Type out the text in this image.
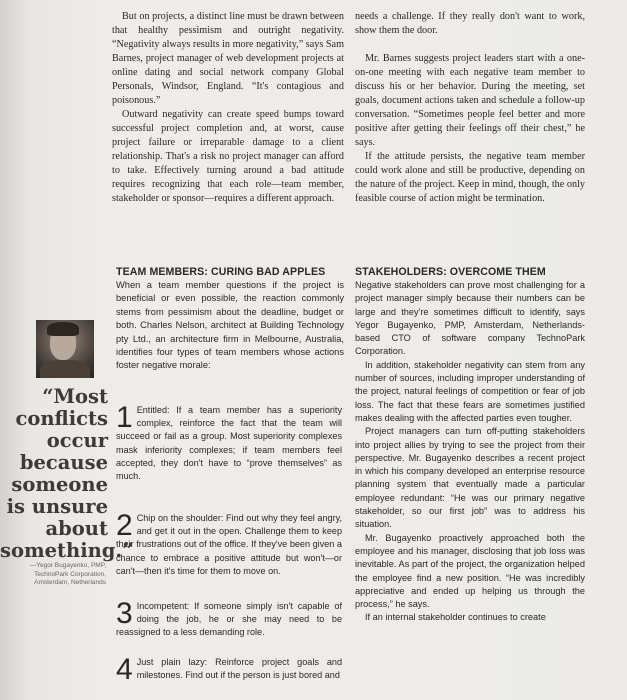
But on projects, a distinct line must be drawn between that healthy pessimism and outright negativity. “Negativity always results in more negativity,” says Sam Barnes, project manager of web development projects at online dating and social network company Global Personals, Windsor, England. “It's contagious and poisonous.”

Outward negativity can create speed bumps toward successful project completion and, at worst, cause project failure or irreparable damage to a client relationship. That's a risk no project manager can afford to take. Effectively turning around a bad attitude requires recognizing that each role—team member, stakeholder or sponsor—requires a different approach.

needs a challenge. If they really don't want to work, show them the door.

Mr. Barnes suggests project leaders start with a one-on-one meeting with each negative team member to discuss his or her behavior. During the meeting, set goals, document actions taken and schedule a follow-up conversation. “Sometimes people feel better and more positive after getting their feelings off their chest,” he says.

If the attitude persists, the negative team member could work alone and still be productive, depending on the nature of the project. Keep in mind, though, the only feasible course of action might be termination.

TEAM MEMBERS: CURING BAD APPLES
When a team member questions if the project is beneficial or even possible, the reaction commonly stems from pessimism about the deadline, budget or both. Charles Nelson, architect at Building Technology pty Ltd., an architecture firm in Melbourne, Australia, identifies four types of team members whose actions foster negative morale:
1 Entitled: If a team member has a superiority complex, reinforce the fact that the team will succeed or fail as a group. Most superiority complexes mask inferiority complexes; if team members feel accepted, they don't have to “prove themselves” as much.
2 Chip on the shoulder: Find out why they feel angry, and get it out in the open. Challenge them to keep their frustrations out of the office. If they've been given a chance to embrace a positive attitude but won't—or can't—then it's time for them to move on.
3 Incompetent: If someone simply isn't capable of doing the job, he or she may need to be reassigned to a less demanding role.
4 Just plain lazy: Reinforce project goals and milestones. Find out if the person is just bored and
STAKEHOLDERS: OVERCOME THEM

Negative stakeholders can prove most challenging for a project manager simply because their numbers can be large and they're sometimes difficult to identify, says Yegor Bugayenko, PMP, Amsterdam, Netherlands-based CTO of software company TechnoPark Corporation.

In addition, stakeholder negativity can stem from any number of sources, including improper understanding of the project, natural feelings of competition or fear of job loss. The fact that these fears are sometimes justified makes dealing with the affected parties even tougher.

Project managers can turn off-putting stakeholders into project allies by trying to see the project from their perspective. Mr. Bugayenko describes a recent project in which his company developed an enterprise resource planning system that eventually made a particular employee redundant: “He was our primary negative stakeholder, so our first job” was to address his situation.

Mr. Bugayenko proactively approached both the employee and his manager, disclosing that job loss was inevitable. As part of the project, the organization helped the employee find a new position. “He was incredibly appreciative and ended up helping us through the process,” he says.

If an internal stakeholder continues to create

“Most
conflicts
occur
because
someone
is unsure
about
something.”
—Yegor Bugayenko, PMP,
TechnoPark Corporation,
Amsterdam, Netherlands
